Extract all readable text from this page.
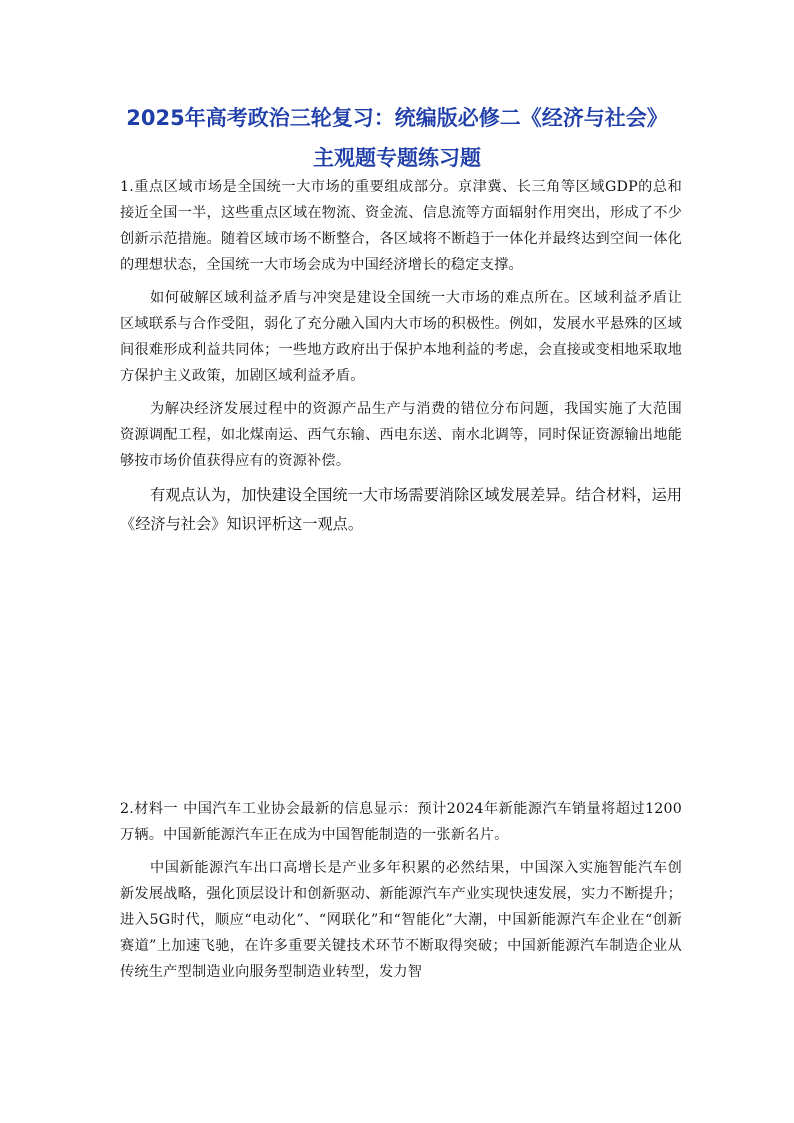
2025年高考政治三轮复习：统编版必修二《经济与社会》
主观题专题练习题

1.重点区域市场是全国统一大市场的重要组成部分。京津冀、长三角等区域GDP的总和接近全国一半，这些重点区域在物流、资金流、信息流等方面辐射作用突出，形成了不少创新示范措施。随着区域市场不断整合，各区域将不断趋于一体化并最终达到空间一体化的理想状态，全国统一大市场会成为中国经济增长的稳定支撑。

如何破解区域利益矛盾与冲突是建设全国统一大市场的难点所在。区域利益矛盾让区域联系与合作受阻，弱化了充分融入国内大市场的积极性。例如，发展水平悬殊的区域间很难形成利益共同体；一些地方政府出于保护本地利益的考虑，会直接或变相地采取地方保护主义政策，加剧区域利益矛盾。

为解决经济发展过程中的资源产品生产与消费的错位分布问题，我国实施了大范围资源调配工程，如北煤南运、西气东输、西电东送、南水北调等，同时保证资源输出地能够按市场价值获得应有的资源补偿。

有观点认为，加快建设全国统一大市场需要消除区域发展差异。结合材料，运用《经济与社会》知识评析这一观点。

2.材料一 中国汽车工业协会最新的信息显示：预计2024年新能源汽车销量将超过1200万辆。中国新能源汽车正在成为中国智能制造的一张新名片。

中国新能源汽车出口高增长是产业多年积累的必然结果，中国深入实施智能汽车创新发展战略，强化顶层设计和创新驱动、新能源汽车产业实现快速发展，实力不断提升；进入5G时代，顺应“电动化”、“网联化”和“智能化”大潮，中国新能源汽车企业在“创新赛道”上加速飞驰，在许多重要关键技术环节不断取得突破；中国新能源汽车制造企业从传统生产型制造业向服务型制造业转型，发力智
